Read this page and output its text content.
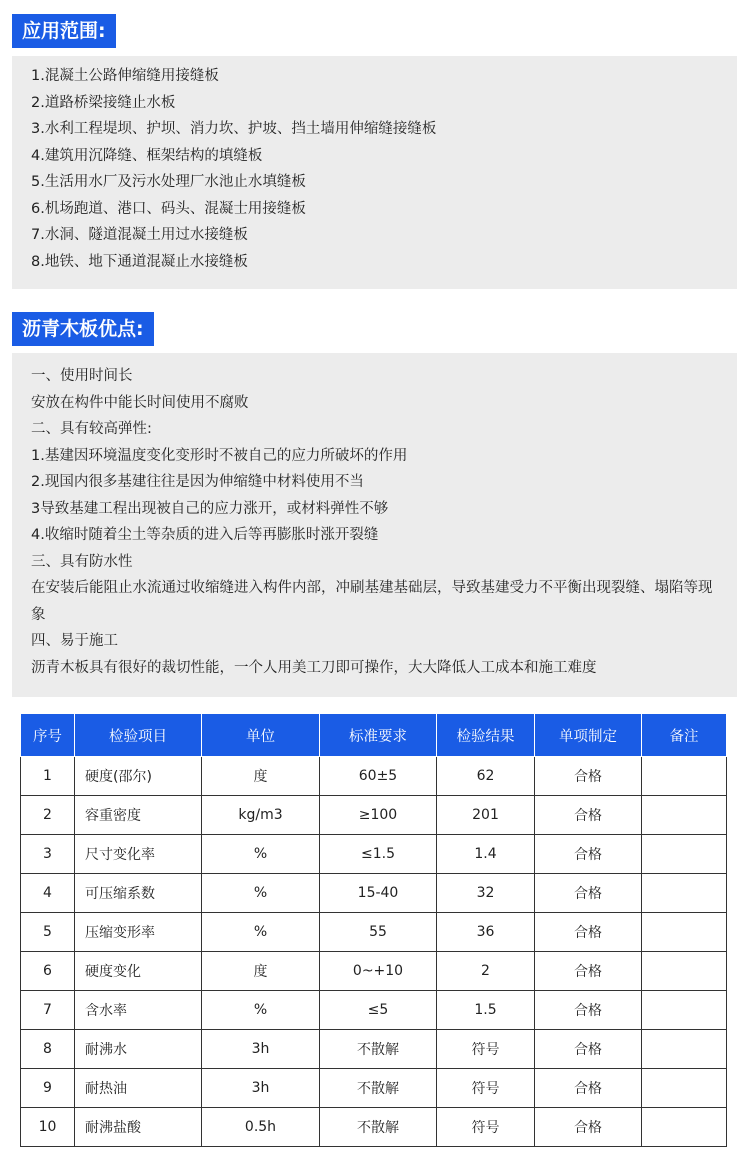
应用范围:
1.混凝土公路伸缩缝用接缝板
2.道路桥梁接缝止水板
3.水利工程堤坝、护坝、消力坎、护坡、挡土墙用伸缩缝接缝板
4.建筑用沉降缝、框架结构的填缝板
5.生活用水厂及污水处理厂水池止水填缝板
6.机场跑道、港口、码头、混凝士用接缝板
7.水洞、隧道混凝土用过水接缝板
8.地铁、地下通道混凝止水接缝板
沥青木板优点:
一、使用时间长
安放在构件中能长时间使用不腐败
二、具有较高弹性:
1.基建因环境温度变化变形时不被自己的应力所破坏的作用
2.现国内很多基建往往是因为伸缩缝中材料使用不当
3导致基建工程出现被自己的应力涨开，或材料弹性不够
4.收缩时随着尘土等杂质的进入后等再膨胀时涨开裂缝
三、具有防水性
在安装后能阻止水流通过收缩缝进入构件内部，冲刷基建基础层，导致基建受力不平衡出现裂缝、塌陷等现象
四、易于施工
沥青木板具有很好的裁切性能，一个人用美工刀即可操作，大大降低人工成本和施工难度
序号	检验项目	单位	标准要求	检验结果	单项制定	备注
1	硬度(邵尔)	度	60±5	62	合格	
2	容重密度	kg/m3	≥100	201	合格	
3	尺寸变化率	%	≤1.5	1.4	合格	
4	可压缩系数	%	15-40	32	合格	
5	压缩变形率	%	55	36	合格	
6	硬度变化	度	0~+10	2	合格	
7	含水率	%	≤5	1.5	合格	
8	耐沸水	3h	不散解	符号	合格	
9	耐热油	3h	不散解	符号	合格	
10	耐沸盐酸	0.5h	不散解	符号	合格	
